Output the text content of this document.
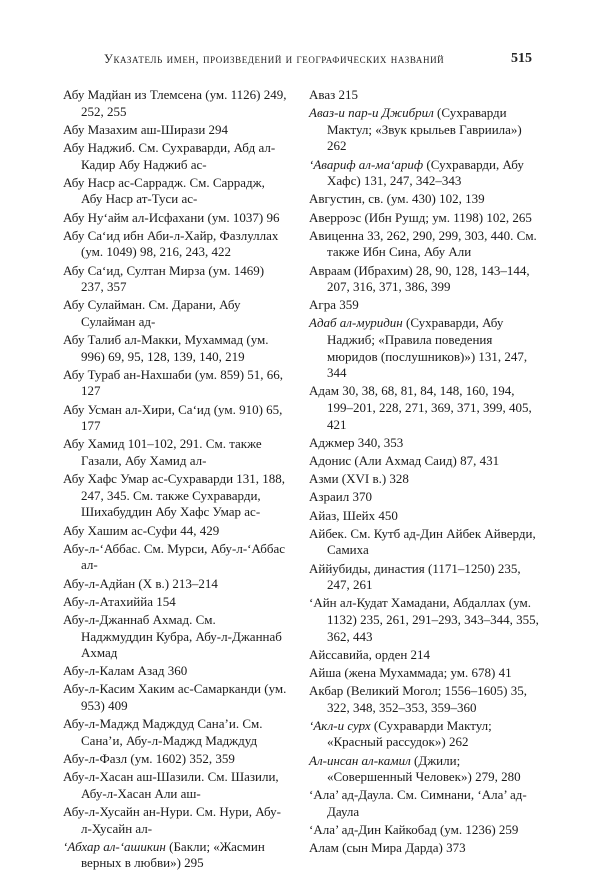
Указатель имен, произведений и географических названий	515

Абу Мадйан из Тлемсена (ум. 1126) 249, 252, 255

Абу Мазахим аш-Ширази 294

Абу Наджиб. См. Сухраварди, Абд ал-Кадир Абу Наджиб ас-

Абу Наср ас-Саррадж. См. Саррадж, Абу Наср ат-Туси ас-

Абу Нуʻайм ал-Исфахани (ум. 1037) 96

Абу Саʻид ибн Аби-л-Хайр, Фазлуллах (ум. 1049) 98, 216, 243, 422

Абу Саʻид, Султан Мирза (ум. 1469) 237, 357

Абу Сулайман. См. Дарани, Абу Сулайман ад-

Абу Талиб ал-Макки, Мухаммад (ум. 996) 69, 95, 128, 139, 140, 219

Абу Тураб ан-Нахшаби (ум. 859) 51, 66, 127

Абу Усман ал-Хири, Саʻид (ум. 910) 65, 177

Абу Хамид 101–102, 291. См. также Газали, Абу Хамид ал-

Абу Хафс Умар ас-Сухраварди 131, 188, 247, 345. См. также Сухраварди, Шихабуддин Абу Хафс Умар ас-

Абу Хашим ас-Суфи 44, 429

Абу-л-ʻАббас. См. Мурси, Абу-л-ʻАббас ал-

Абу-л-Адйан (X в.) 213–214

Абу-л-Атахиййа 154

Абу-л-Джаннаб Ахмад. См. Наджмуддин Кубра, Абу-л-Джаннаб Ахмад

Абу-л-Калам Азад 360

Абу-л-Касим Хаким ас-Самарканди (ум. 953) 409

Абу-л-Маджд Мадждуд Санаʼи. См. Санаʼи, Абу-л-Маджд Мадждуд

Абу-л-Фазл (ум. 1602) 352, 359

Абу-л-Хасан аш-Шазили. См. Шазили, Абу-л-Хасан Али аш-

Абу-л-Хусайн ан-Нури. См. Нури, Абу-л-Хусайн ал-

ʻАбхар ал-ʻашикин (Бакли; «Жасмин верных в любви») 295

Аваз 215

Аваз-и пар-и Джибрил (Сухраварди Мактул; «Звук крыльев Гавриила») 262

ʻАвариф ал-маʻариф (Сухраварди, Абу Хафс) 131, 247, 342–343

Августин, св. (ум. 430) 102, 139

Аверроэс (Ибн Рушд; ум. 1198) 102, 265

Авиценна 33, 262, 290, 299, 303, 440. См. также Ибн Сина, Абу Али

Авраам (Ибрахим) 28, 90, 128, 143–144, 207, 316, 371, 386, 399

Агра 359

Адаб ал-муридин (Сухраварди, Абу Наджиб; «Правила поведения мюридов (послушников)») 131, 247, 344

Адам 30, 38, 68, 81, 84, 148, 160, 194, 199–201, 228, 271, 369, 371, 399, 405, 421

Аджмер 340, 353

Адонис (Али Ахмад Саид) 87, 431

Азми (XVI в.) 328

Азраил 370

Айаз, Шейх 450

Айбек. См. Кутб ад-Дин Айбек Айверди, Самиха

Аййубиды, династия (1171–1250) 235, 247, 261

ʻАйн ал-Кудат Хамадани, Абдаллах (ум. 1132) 235, 261, 291–293, 343–344, 355, 362, 443

Айссавийа, орден 214

Айша (жена Мухаммада; ум. 678) 41

Акбар (Великий Могол; 1556–1605) 35, 322, 348, 352–353, 359–360

ʻАкл-и сурх (Сухраварди Мактул; «Красный рассудок») 262

Ал-инсан ал-камил (Джили; «Совершенный Человек») 279, 280

ʻАла’ ад-Даула. См. Симнани, ʻАла’ ад-Даула

ʻАла’ ад-Дин Кайкобад (ум. 1236) 259

Алам (сын Мира Дарда) 373
